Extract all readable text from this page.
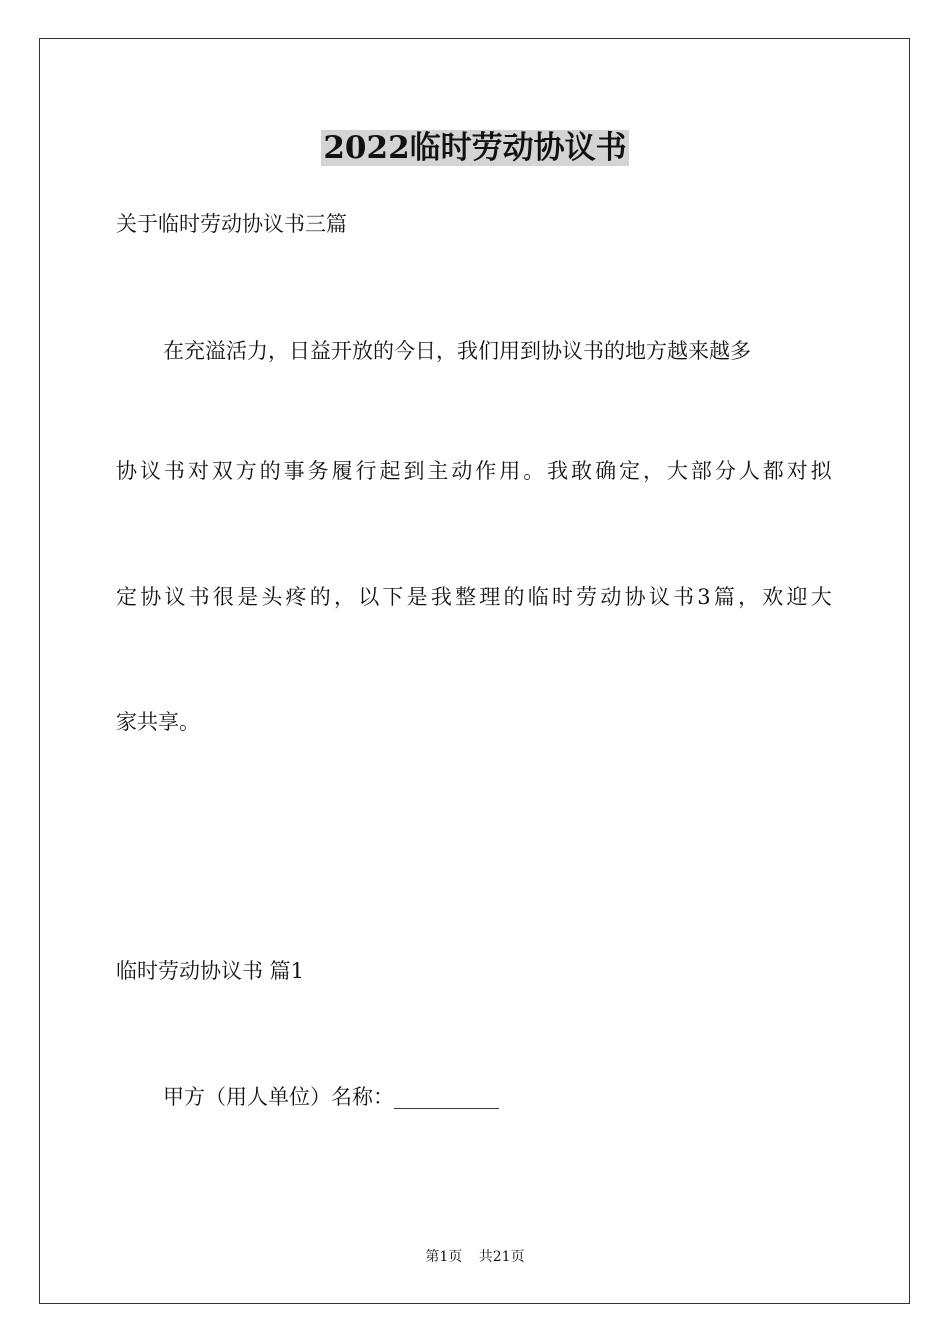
2022临时劳动协议书
关于临时劳动协议书三篇
在充溢活力，日益开放的今日，我们用到协议书的地方越来越多
协 议 书 对 双 方 的 事 务 履 行 起 到 主 动 作 用 。 我 敢 确 定 ， 大 部 分 人 都 对 拟
定 协 议 书 很 是 头 疼 的 ， 以 下 是 我 整 理 的 临 时 劳 动 协 议 书 3 篇 ， 欢 迎 大
家共享。
临时劳动协议书 篇1
甲方（用人单位）名称：__________
第1页 共21页
